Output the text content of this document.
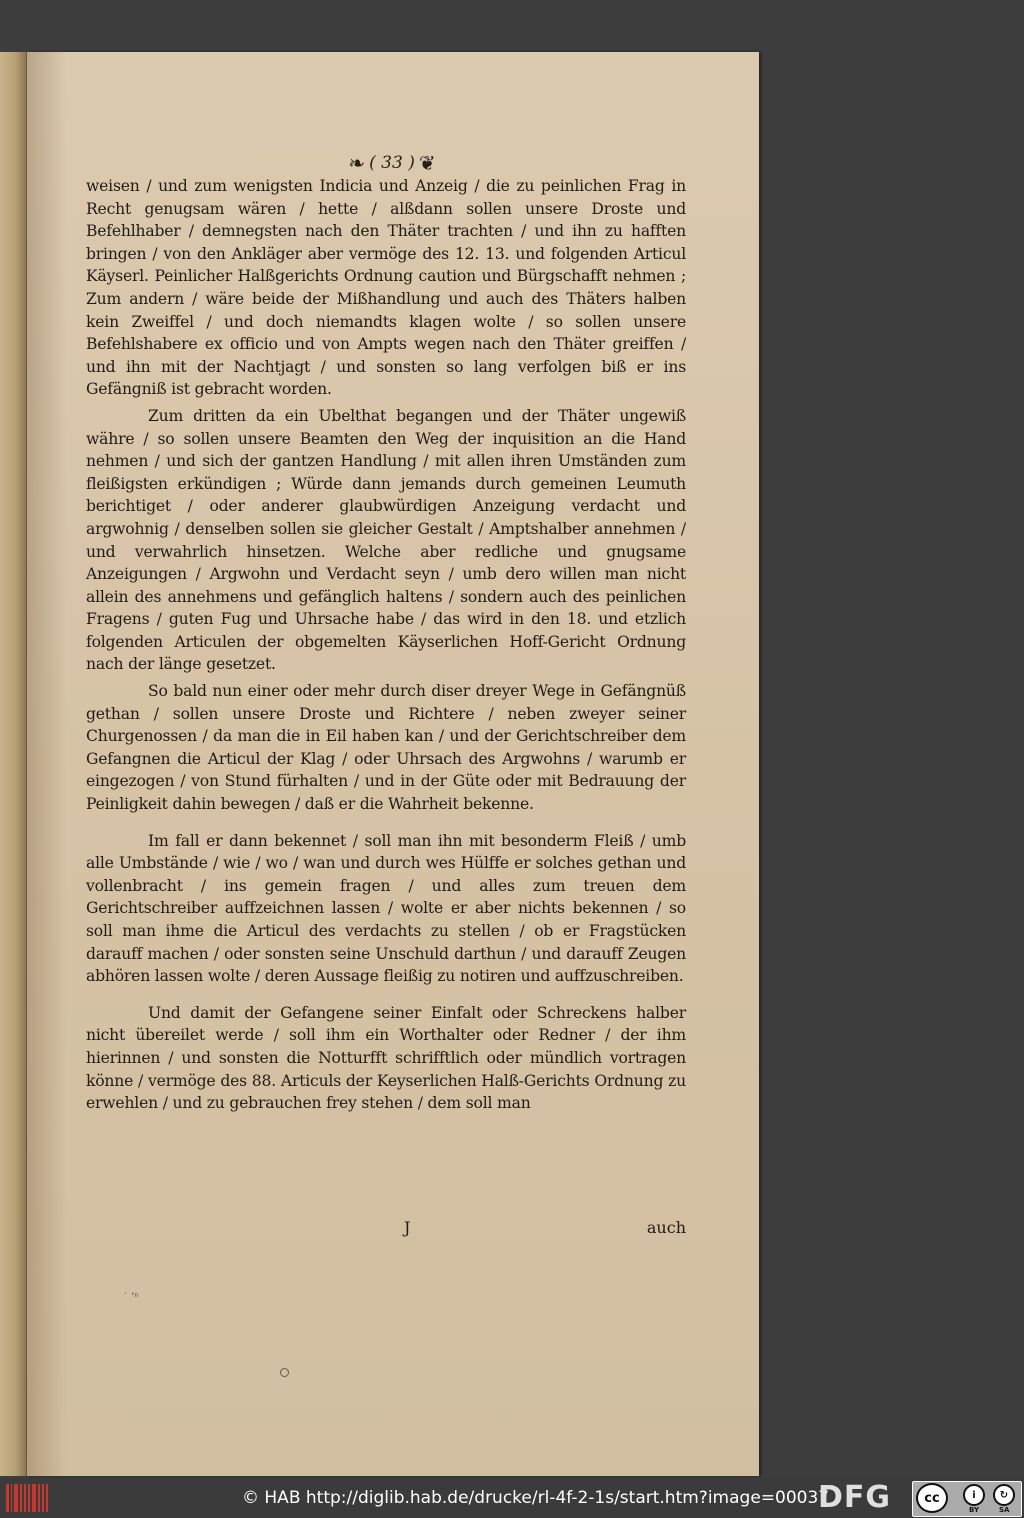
❧ ( 33 ) ❦

weisen / und zum wenigsten Indicia und Anzeig / die zu peinlichen Frag in Recht genugsam wären / hette / alßdann sollen unsere Droste und Befehlhaber / demnegsten nach den Thäter trachten / und ihn zu hafften bringen / von den Ankläger aber vermöge des 12. 13. und folgenden Articul Käyserl. Peinlicher Halßgerichts Ordnung caution und Bürgschafft nehmen ; Zum andern / wäre beide der Mißhandlung und auch des Thäters halben kein Zweiffel / und doch niemandts klagen wolte / so sollen unsere Befehlshabere ex officio und von Ampts wegen nach den Thäter greiffen / und ihn mit der Nachtjagt / und sonsten so lang verfolgen biß er ins Gefängniß ist gebracht worden.

Zum dritten da ein Ubelthat begangen und der Thäter ungewiß währe / so sollen unsere Beamten den Weg der inquisition an die Hand nehmen / und sich der gantzen Handlung / mit allen ihren Umständen zum fleißigsten erkündigen ; Würde dann jemands durch gemeinen Leumuth berichtiget / oder anderer glaubwürdigen Anzeigung verdacht und argwohnig / denselben sollen sie gleicher Gestalt / Amptshalber annehmen / und verwahrlich hinsetzen. Welche aber redliche und gnugsame Anzeigungen / Argwohn und Verdacht seyn / umb dero willen man nicht allein des annehmens und gefänglich haltens / sondern auch des peinlichen Fragens / guten Fug und Uhrsache habe / das wird in den 18. und etzlich folgenden Articulen der obgemelten Käyserlichen Hoff-Gericht Ordnung nach der länge gesetzet.

So bald nun einer oder mehr durch diser dreyer Wege in Gefängnüß gethan / sollen unsere Droste und Richtere / neben zweyer seiner Churgenossen / da man die in Eil haben kan / und der Gerichtschreiber dem Gefangnen die Articul der Klag / oder Uhrsach des Argwohns / warumb er eingezogen / von Stund fürhalten / und in der Güte oder mit Bedrauung der Peinligkeit dahin bewegen / daß er die Wahrheit bekenne.

Im fall er dann bekennet / soll man ihn mit besonderm Fleiß / umb alle Umbstände / wie / wo / wan und durch wes Hülffe er solches gethan und vollenbracht / ins gemein fragen / und alles zum treuen dem Gerichtschreiber auffzeichnen lassen / wolte er aber nichts bekennen / so soll man ihme die Articul des verdachts zu stellen / ob er Fragstücken darauff machen / oder sonsten seine Unschuld darthun / und darauff Zeugen abhören lassen wolte / deren Aussage fleißig zu notiren und auffzuschreiben.

Und damit der Gefangene seiner Einfalt oder Schreckens halber nicht übereilet werde / soll ihm ein Worthalter oder Redner / der ihm hierinnen / und sonsten die Notturfft schrifftlich oder mündlich vortragen könne / vermöge des 88. Articuls der Keyserlichen Halß-Gerichts Ordnung zu erwehlen / und zu gebrauchen frey stehen / dem soll man

J	auch
˙ ’ⁿ
© HAB http://diglib.hab.de/drucke/rl-4f-2-1s/start.htm?image=00037
DFG	cc	i	↻
BY	SA
